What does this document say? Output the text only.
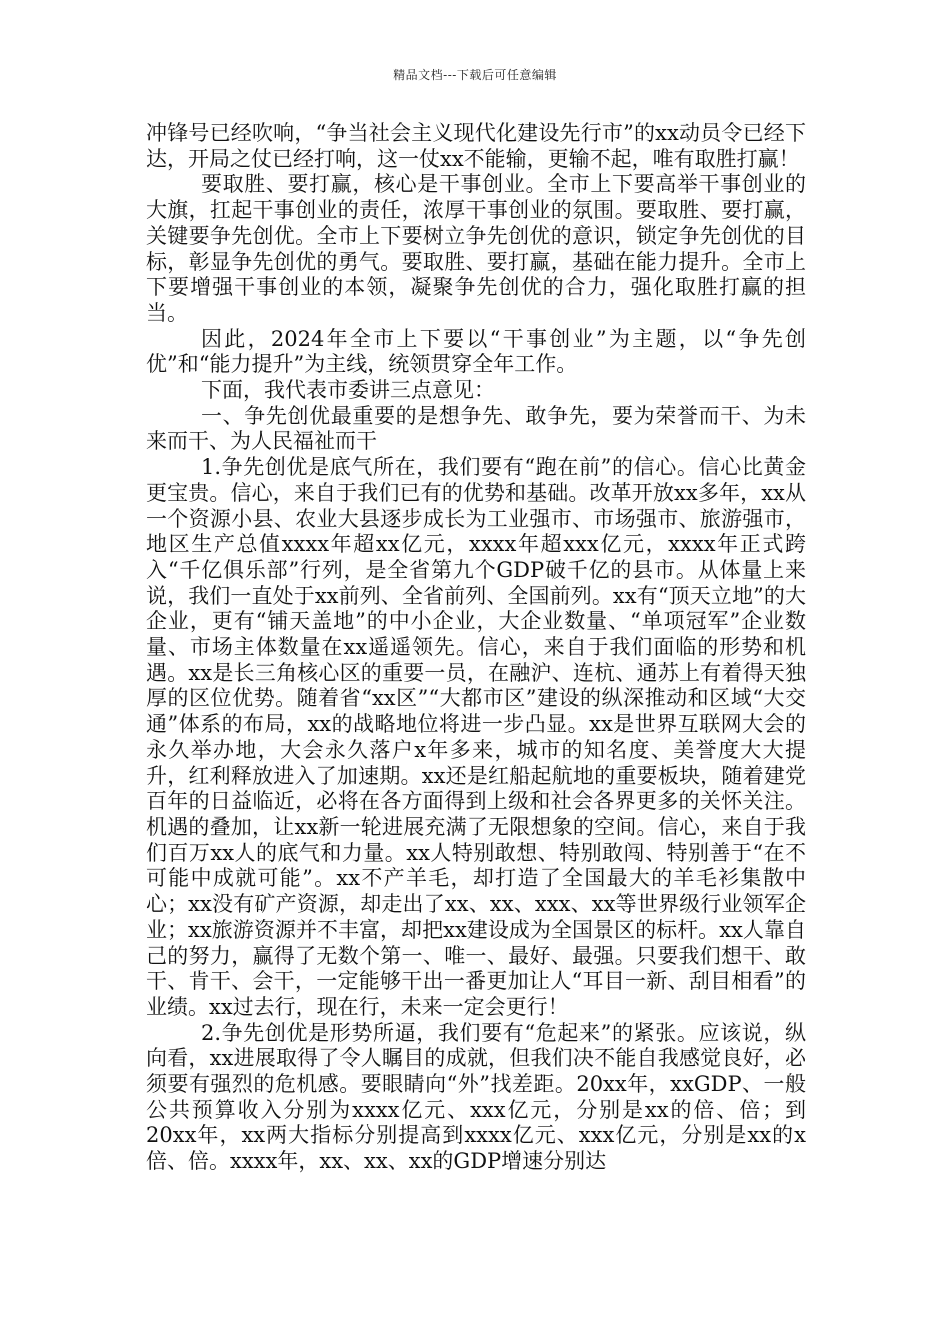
精品文档---下载后可任意编辑

冲锋号已经吹响，“争当社会主义现代化建设先行市”的xx动员令已经下达，开局之仗已经打响，这一仗xx不能输，更输不起，唯有取胜打赢！

要取胜、要打赢，核心是干事创业。全市上下要高举干事创业的大旗，扛起干事创业的责任，浓厚干事创业的氛围。要取胜、要打赢，关键要争先创优。全市上下要树立争先创优的意识，锁定争先创优的目标，彰显争先创优的勇气。要取胜、要打赢，基础在能力提升。全市上下要增强干事创业的本领，凝聚争先创优的合力，强化取胜打赢的担当。

因此，2024年全市上下要以“干事创业”为主题，以“争先创优”和“能力提升”为主线，统领贯穿全年工作。

下面，我代表市委讲三点意见：

一、争先创优最重要的是想争先、敢争先，要为荣誉而干、为未来而干、为人民福祉而干

1.争先创优是底气所在，我们要有“跑在前”的信心。信心比黄金更宝贵。信心，来自于我们已有的优势和基础。改革开放xx多年，xx从一个资源小县、农业大县逐步成长为工业强市、市场强市、旅游强市，地区生产总值xxxx年超xx亿元，xxxx年超xxx亿元，xxxx年正式跨入“千亿俱乐部”行列，是全省第九个GDP破千亿的县市。从体量上来说，我们一直处于xx前列、全省前列、全国前列。xx有“顶天立地”的大企业，更有“铺天盖地”的中小企业，大企业数量、“单项冠军”企业数量、市场主体数量在xx遥遥领先。信心，来自于我们面临的形势和机遇。xx是长三角核心区的重要一员，在融沪、连杭、通苏上有着得天独厚的区位优势。随着省“xx区”“大都市区”建设的纵深推动和区域“大交通”体系的布局，xx的战略地位将进一步凸显。xx是世界互联网大会的永久举办地，大会永久落户x年多来，城市的知名度、美誉度大大提升，红利释放进入了加速期。xx还是红船起航地的重要板块，随着建党百年的日益临近，必将在各方面得到上级和社会各界更多的关怀关注。机遇的叠加，让xx新一轮进展充满了无限想象的空间。信心，来自于我们百万xx人的底气和力量。xx人特别敢想、特别敢闯、特别善于“在不可能中成就可能”。xx不产羊毛，却打造了全国最大的羊毛衫集散中心；xx没有矿产资源，却走出了xx、xx、xxx、xx等世界级行业领军企业；xx旅游资源并不丰富，却把xx建设成为全国景区的标杆。xx人靠自己的努力，赢得了无数个第一、唯一、最好、最强。只要我们想干、敢干、肯干、会干，一定能够干出一番更加让人“耳目一新、刮目相看”的业绩。xx过去行，现在行，未来一定会更行！

2.争先创优是形势所逼，我们要有“危起来”的紧张。应该说，纵向看，xx进展取得了令人瞩目的成就，但我们决不能自我感觉良好，必须要有强烈的危机感。要眼睛向“外”找差距。20xx年，xxGDP、一般公共预算收入分别为xxxx亿元、xxx亿元，分别是xx的倍、倍；到20xx年，xx两大指标分别提高到xxxx亿元、xxx亿元，分别是xx的x倍、倍。xxxx年，xx、xx、xx的GDP增速分别达
